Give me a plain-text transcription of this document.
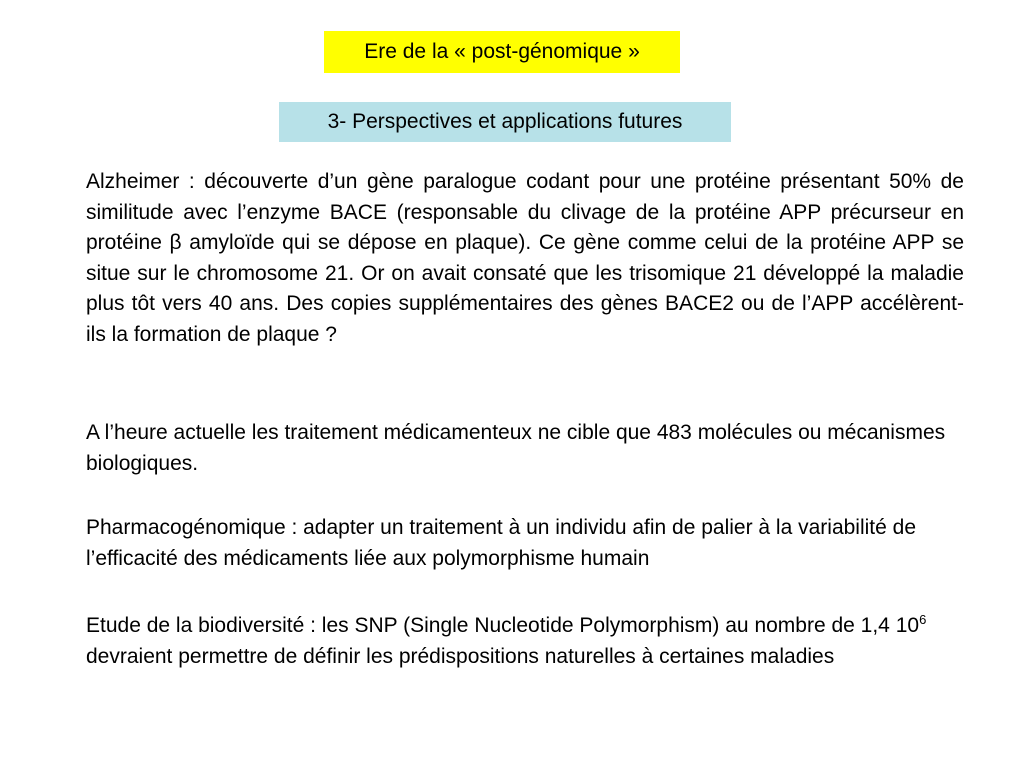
Ere de la « post-génomique »
3- Perspectives et applications futures

Alzheimer : découverte d’un gène paralogue codant pour une protéine présentant 50% de similitude avec l’enzyme BACE (responsable du clivage de la protéine APP précurseur en protéine β amyloïde qui se dépose en plaque). Ce gène comme celui de la protéine APP se situe sur le chromosome 21. Or on avait consaté que les trisomique 21 développé la maladie plus tôt vers 40 ans. Des copies supplémentaires des gènes BACE2 ou de l’APP accélèrent-ils la formation de plaque ?

A l’heure actuelle les traitement médicamenteux ne cible que 483 molécules ou mécanismes biologiques.

Pharmacogénomique : adapter un traitement à un individu afin de palier à la variabilité de l’efficacité des médicaments liée aux polymorphisme humain

Etude de la biodiversité : les SNP (Single Nucleotide Polymorphism) au nombre de 1,4 $10^6$ devraient permettre de définir les prédispositions naturelles à certaines maladies
